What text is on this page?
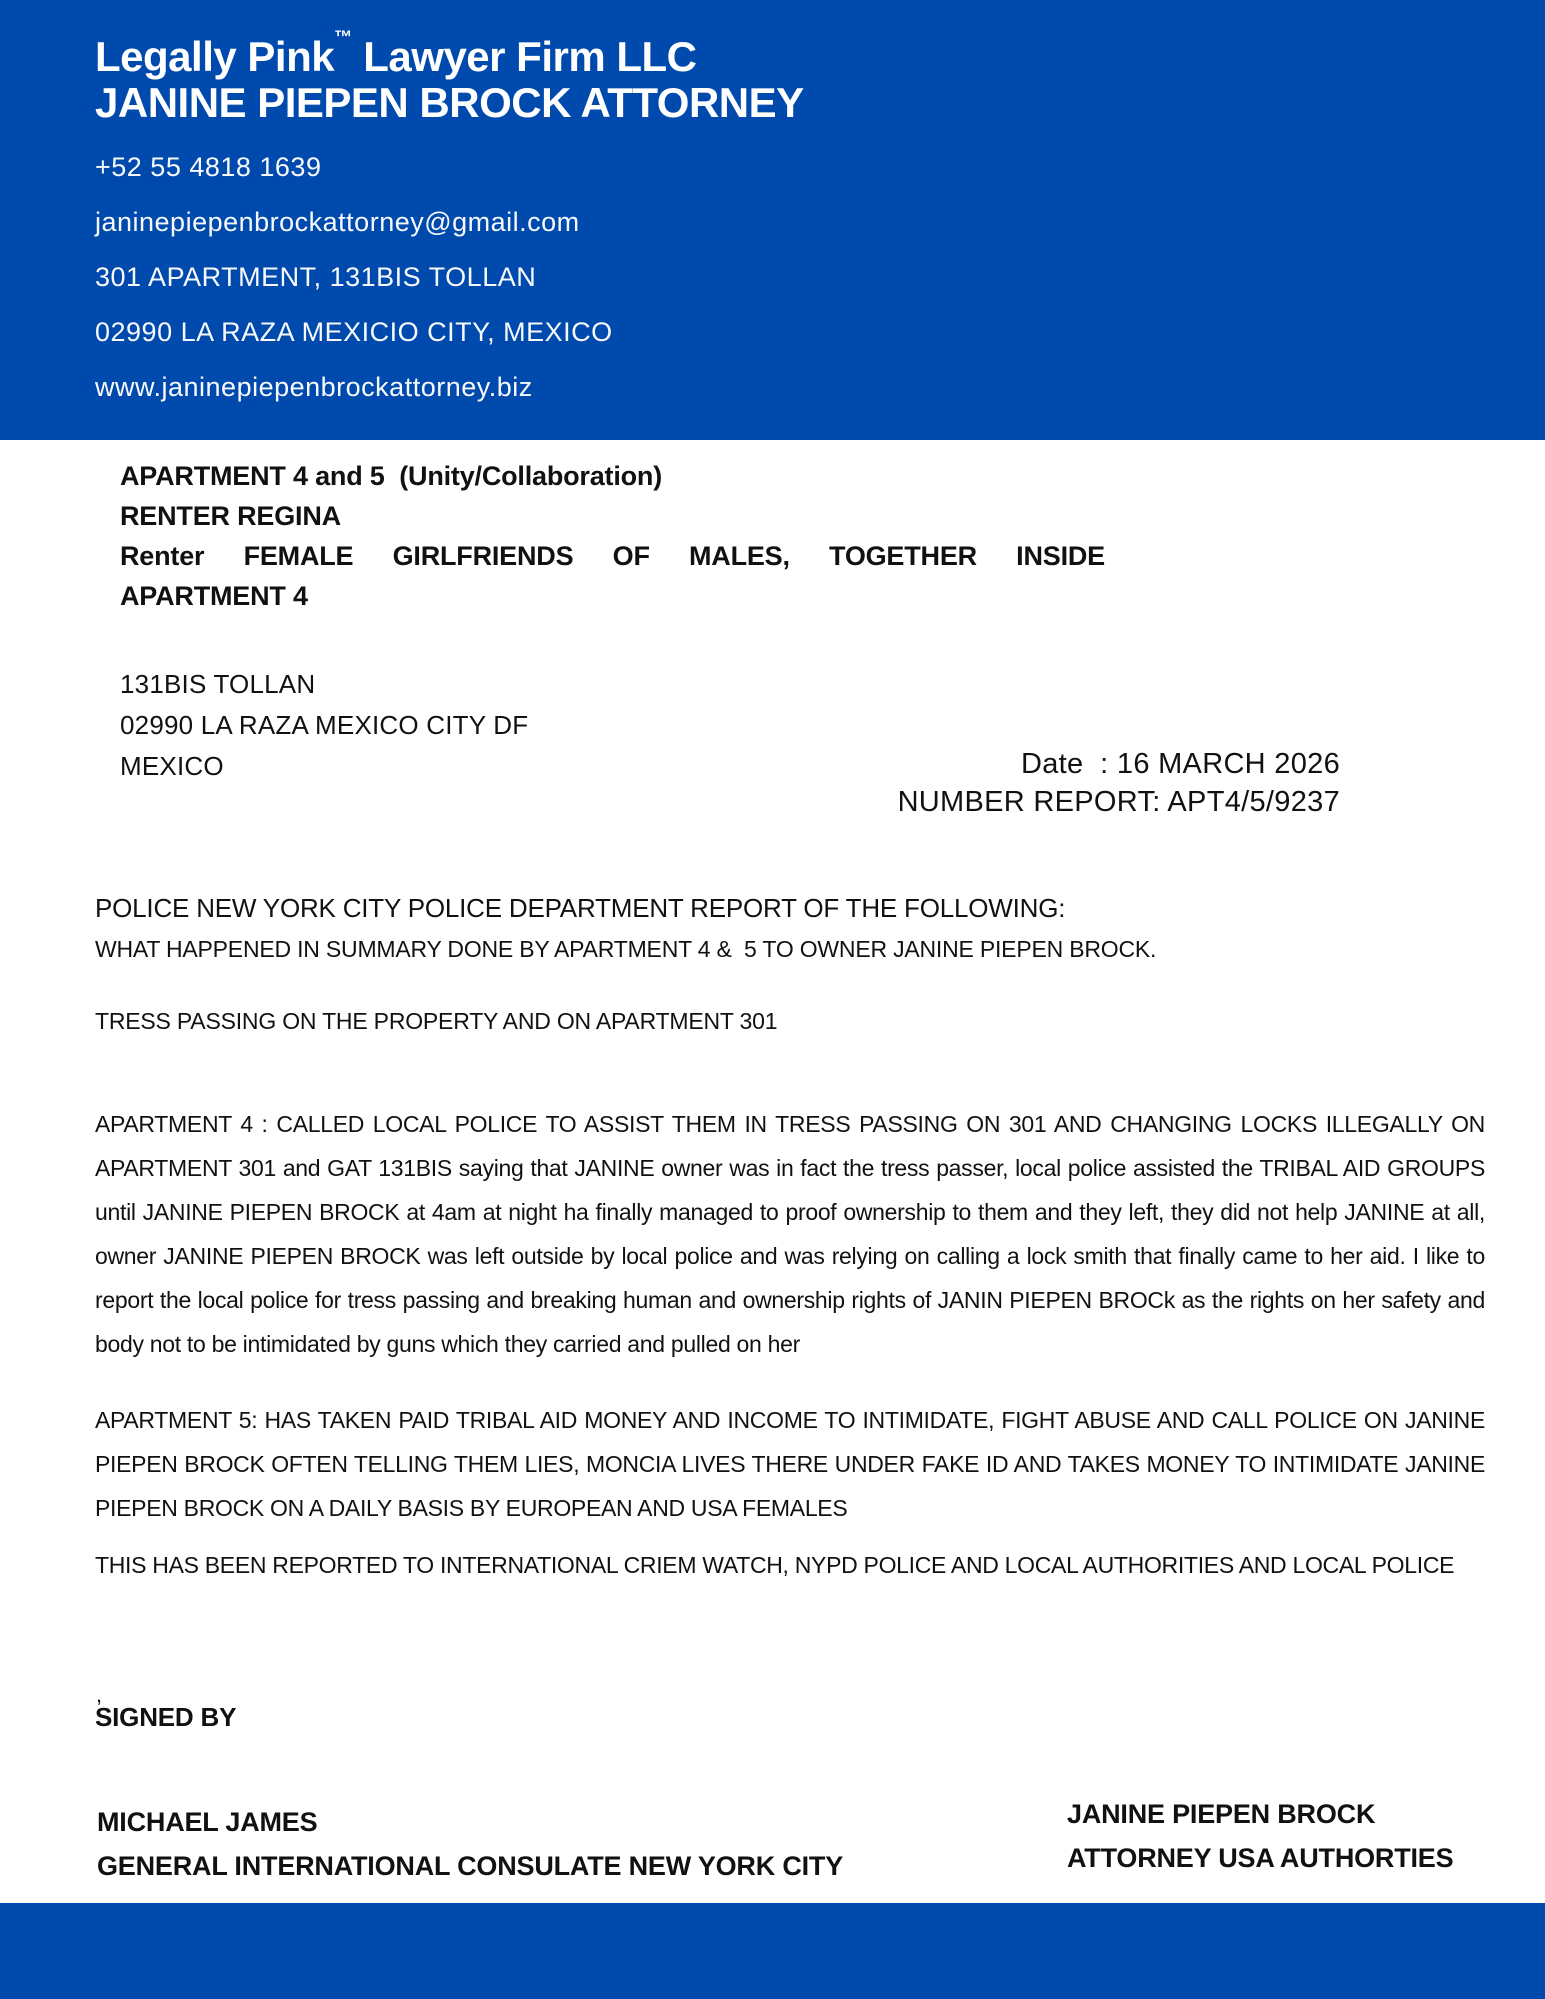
Legally Pink™ Lawyer Firm LLC
JANINE PIEPEN BROCK ATTORNEY
+52 55 4818 1639
janinepiepenbrockattorney@gmail.com
301 APARTMENT, 131BIS TOLLAN
02990 LA RAZA MEXICIO CITY, MEXICO
www.janinepiepenbrockattorney.biz
APARTMENT 4 and 5  (Unity/Collaboration)
RENTER REGINA
Renter FEMALE GIRLFRIENDS OF MALES, TOGETHER INSIDE
APARTMENT 4
131BIS TOLLAN
02990 LA RAZA MEXICO CITY DF
MEXICO	Date  : 16 MARCH 2026
NUMBER REPORT: APT4/5/9237
POLICE NEW YORK CITY POLICE DEPARTMENT REPORT OF THE FOLLOWING:
WHAT HAPPENED IN SUMMARY DONE BY APARTMENT 4 &  5 TO OWNER JANINE PIEPEN BROCK.
TRESS PASSING ON THE PROPERTY AND ON APARTMENT 301
APARTMENT 4 : CALLED LOCAL POLICE TO ASSIST THEM IN TRESS PASSING ON 301 AND CHANGING LOCKS ILLEGALLY ON APARTMENT 301 and GAT 131BIS saying that JANINE owner was in fact the tress passer, local police assisted the TRIBAL AID GROUPS until JANINE PIEPEN BROCK at 4am at night ha finally managed to proof ownership to them and they left, they did not help JANINE at all, owner JANINE PIEPEN BROCK was left outside by local police and was relying on calling a lock smith that finally came to her aid. I like to report the local police for tress passing and breaking human and ownership rights of JANIN PIEPEN BROCk as the rights on her safety and body not to be intimidated by guns which they carried and pulled on her
APARTMENT 5: HAS TAKEN PAID TRIBAL AID MONEY AND INCOME TO INTIMIDATE, FIGHT ABUSE AND CALL POLICE ON JANINE PIEPEN BROCK OFTEN TELLING THEM LIES, MONCIA LIVES THERE UNDER FAKE ID AND TAKES MONEY TO INTIMIDATE JANINE PIEPEN BROCK ON A DAILY BASIS BY EUROPEAN AND USA FEMALES
THIS HAS BEEN REPORTED TO INTERNATIONAL CRIEM WATCH, NYPD POLICE AND LOCAL AUTHORITIES AND LOCAL POLICE
,
SIGNED BY
MICHAEL JAMES
GENERAL INTERNATIONAL CONSULATE NEW YORK CITY
JANINE PIEPEN BROCK
ATTORNEY USA AUTHORTIES
